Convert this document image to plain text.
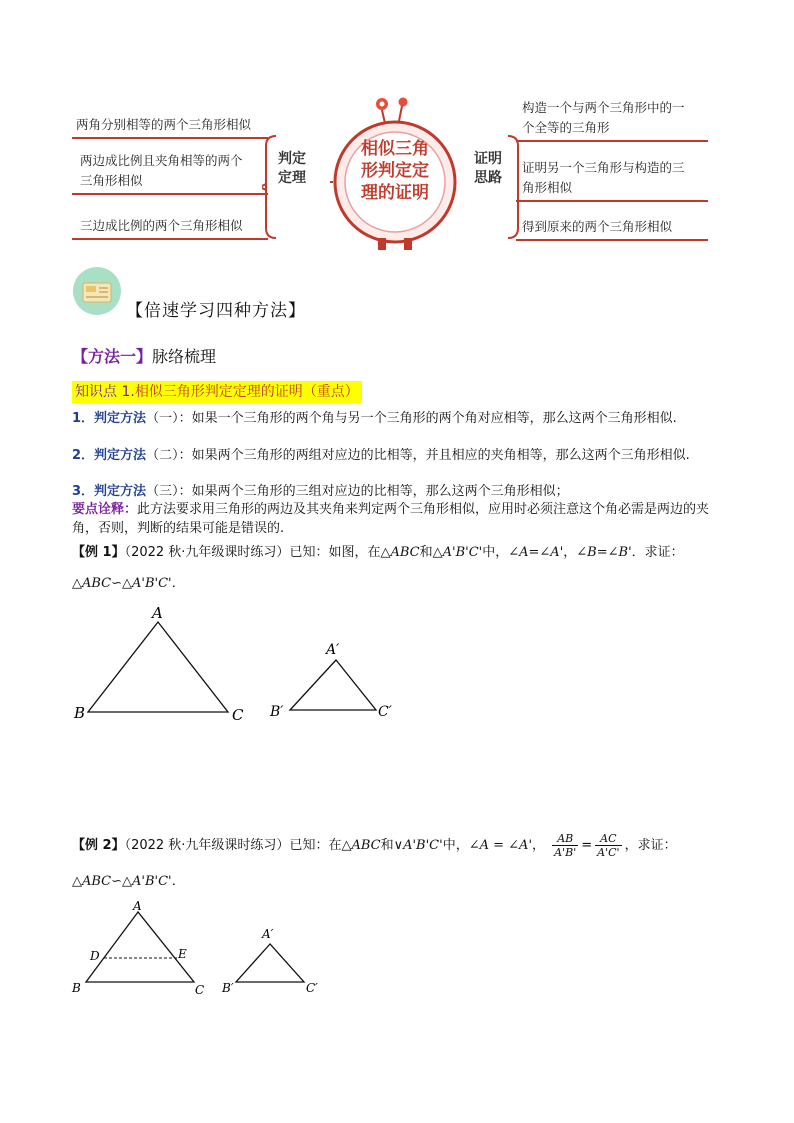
相似三角
形判定定
理的证明
判定
定理
证明
思路
两角分别相等的两个三角形相似
两边成比例且夹角相等的两个
三角形相似
三边成比例的两个三角形相似
构造一个与两个三角形中的一
个全等的三角形
证明另一个三角形与构造的三
角形相似
得到原来的两个三角形相似
【倍速学习四种方法】
【方法一】脉络梳理
知识点 1.相似三角形判定定理的证明（重点）
1．判定方法（一）：如果一个三角形的两个角与另一个三角形的两个角对应相等，那么这两个三角形相似.
2．判定方法（二）：如果两个三角形的两组对应边的比相等，并且相应的夹角相等，那么这两个三角形相似.
3．判定方法（三）：如果两个三角形的三组对应边的比相等，那么这两个三角形相似；
要点诠释：此方法要求用三角形的两边及其夹角来判定两个三角形相似，应用时必须注意这个角必需是两边的夹角，否则，判断的结果可能是错误的.
【例 1】（2022 秋·九年级课时练习）已知：如图，在△ABC和△A'B'C'中，∠A=∠A'，∠B=∠B'．求证：
△ABC∽△A'B'C'．
A
B	C
A′
B′	C′
【例 2】（2022 秋·九年级课时练习）已知：在△ABC和∨A'B'C'中，∠A = ∠A'， $\frac{AB}{A'B'} = \frac{AC}{A'C'}$ ，求证：
△ABC∽△A'B'C'．
A
B	C
D	E
A′
B′	C′
